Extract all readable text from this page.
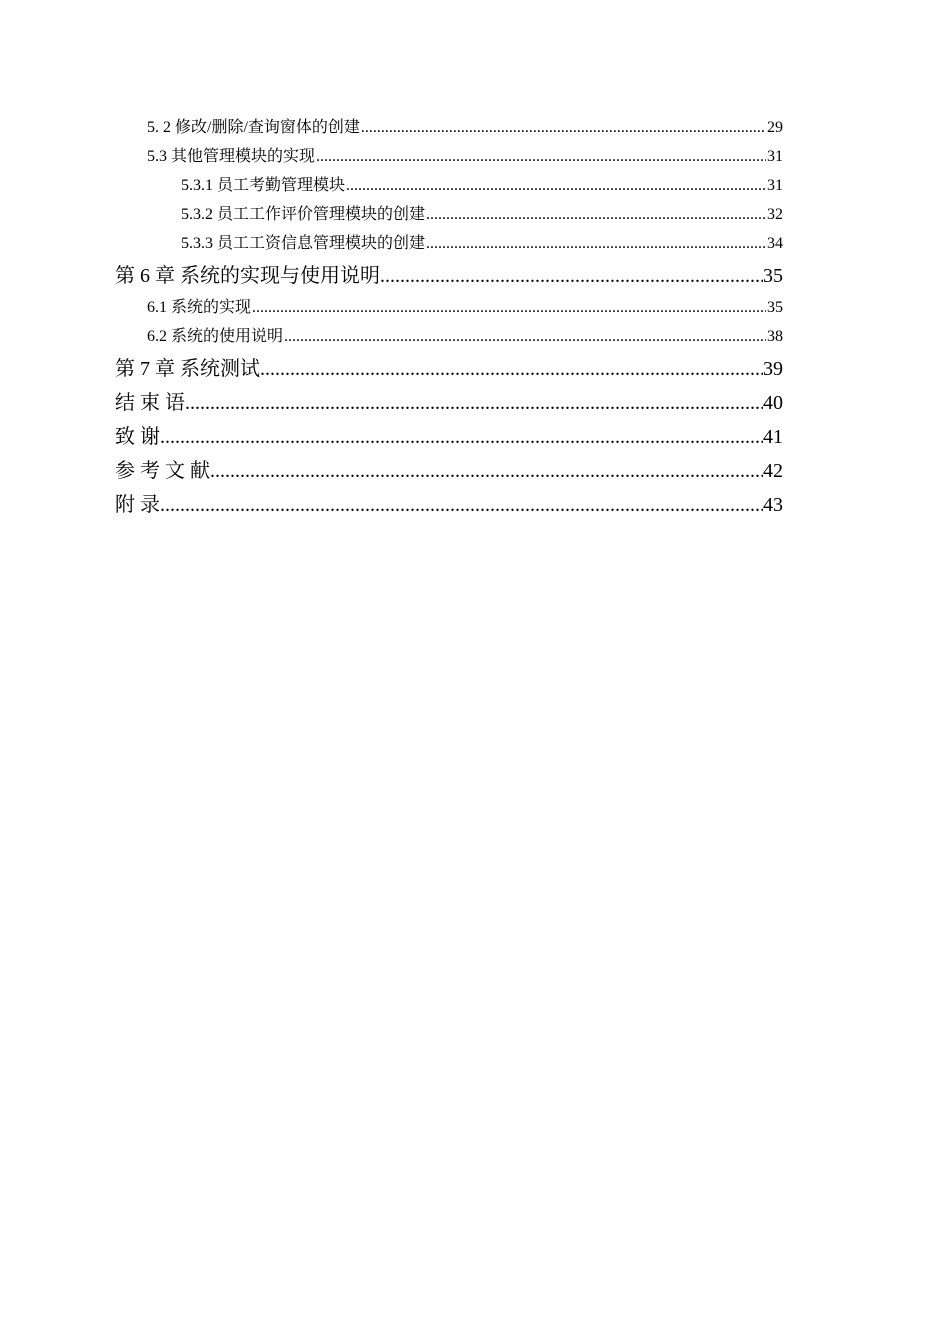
5. 2 修改/删除/查询窗体的创建 .....	29
5.3 其他管理模块的实现 .....	31
5.3.1 员工考勤管理模块 .....	31
5.3.2 员工工作评价管理模块的创建 .....	32
5.3.3 员工工资信息管理模块的创建 .....	34
第 6 章 系统的实现与使用说明 .....	35
6.1 系统的实现 .....	35
6.2 系统的使用说明 .....	38
第 7 章 系统测试 .....	39
结 束 语 .....	40
致 谢 .....	41
参 考 文 献 .....	42
附 录 .....	43
